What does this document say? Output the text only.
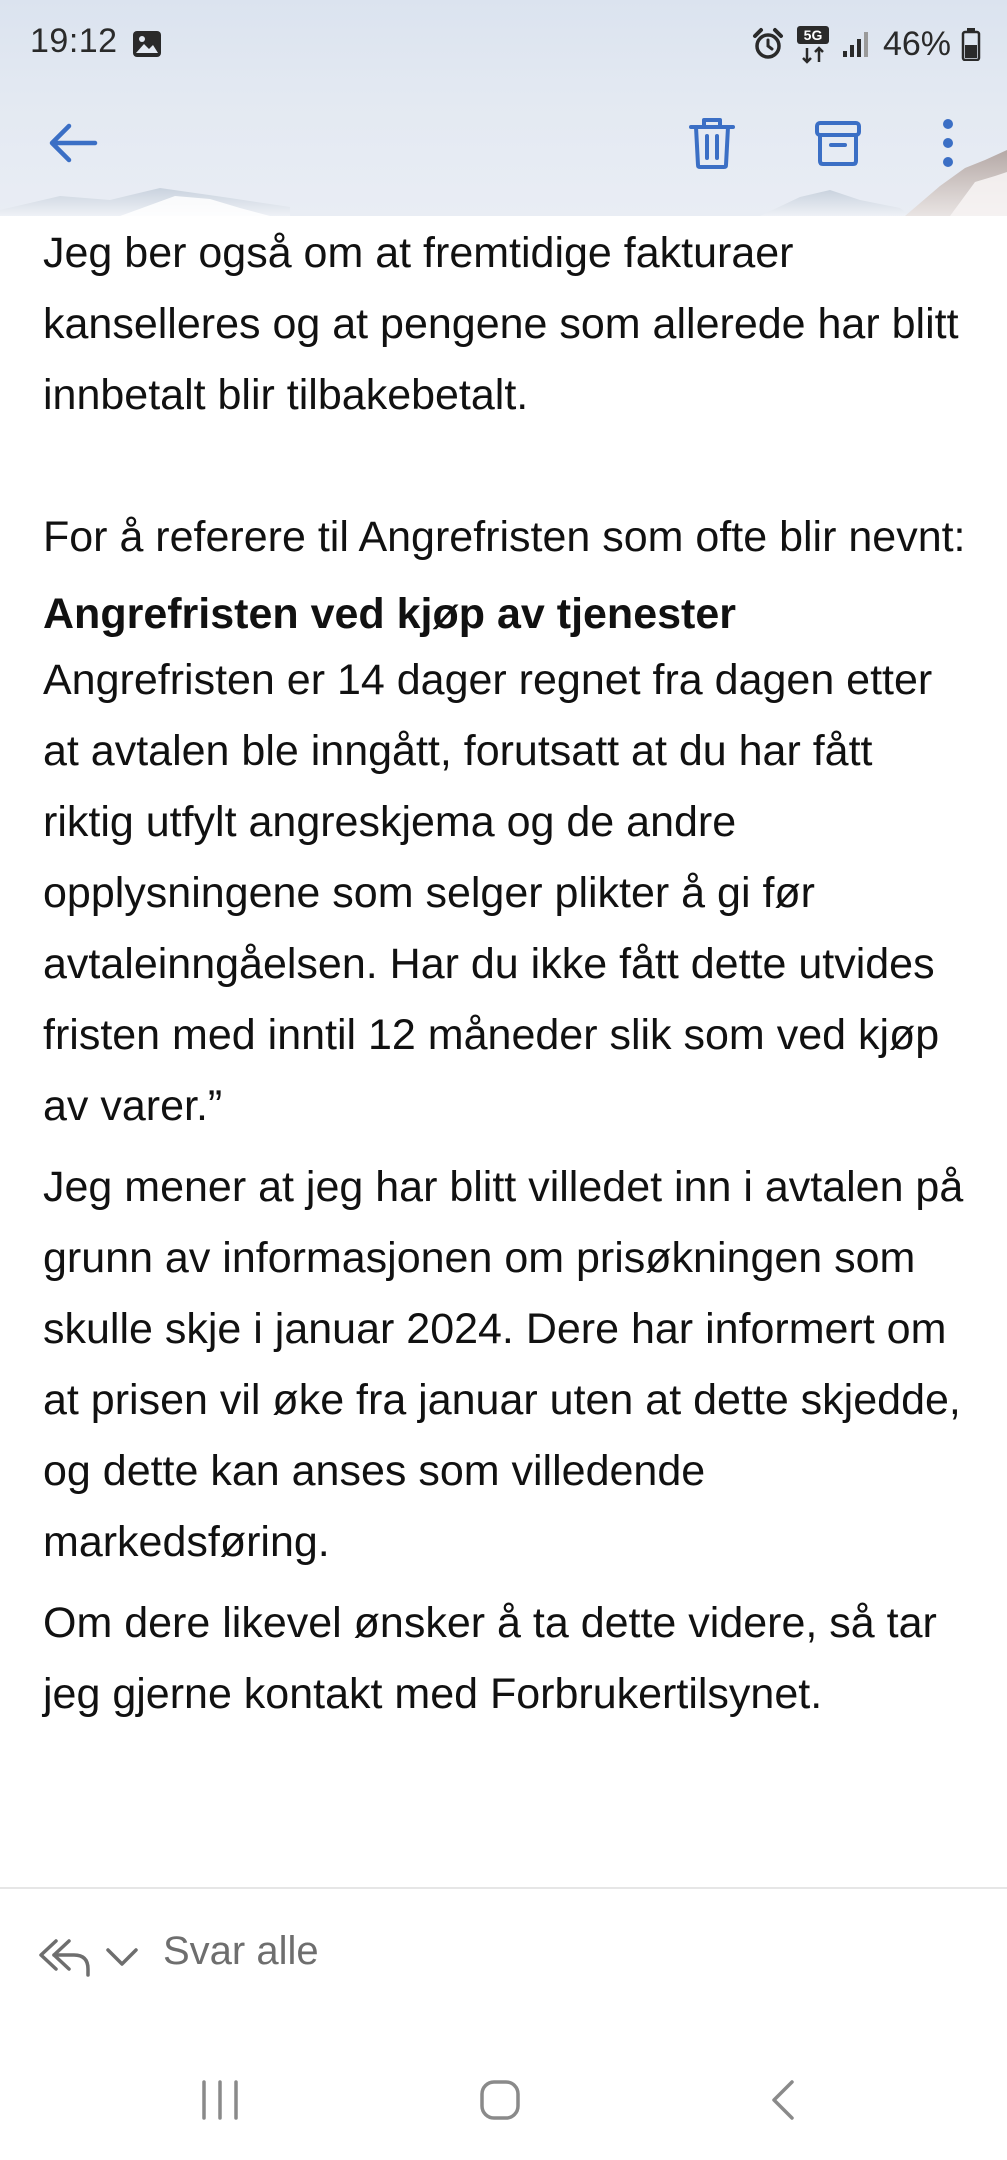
19:12	5G 46%

Jeg ber også om at fremtidige fakturaer kanselleres og at pengene som allerede har blitt innbetalt blir tilbakebetalt.

For å referere til Angrefristen som ofte blir nevnt:

Angrefristen ved kjøp av tjenester

Angrefristen er 14 dager regnet fra dagen etter at avtalen ble inngått, forutsatt at du har fått riktig utfylt angreskjema og de andre opplysningene som selger plikter å gi før avtaleinngåelsen. Har du ikke fått dette utvides fristen med inntil 12 måneder slik som ved kjøp av varer.”

Jeg mener at jeg har blitt villedet inn i avtalen på grunn av informasjonen om prisøkningen som skulle skje i januar 2024. Dere har informert om at prisen vil øke fra januar uten at dette skjedde, og dette kan anses som villedende markedsføring.

Om dere likevel ønsker å ta dette videre, så tar jeg gjerne kontakt med Forbrukertilsynet.

Svar alle
